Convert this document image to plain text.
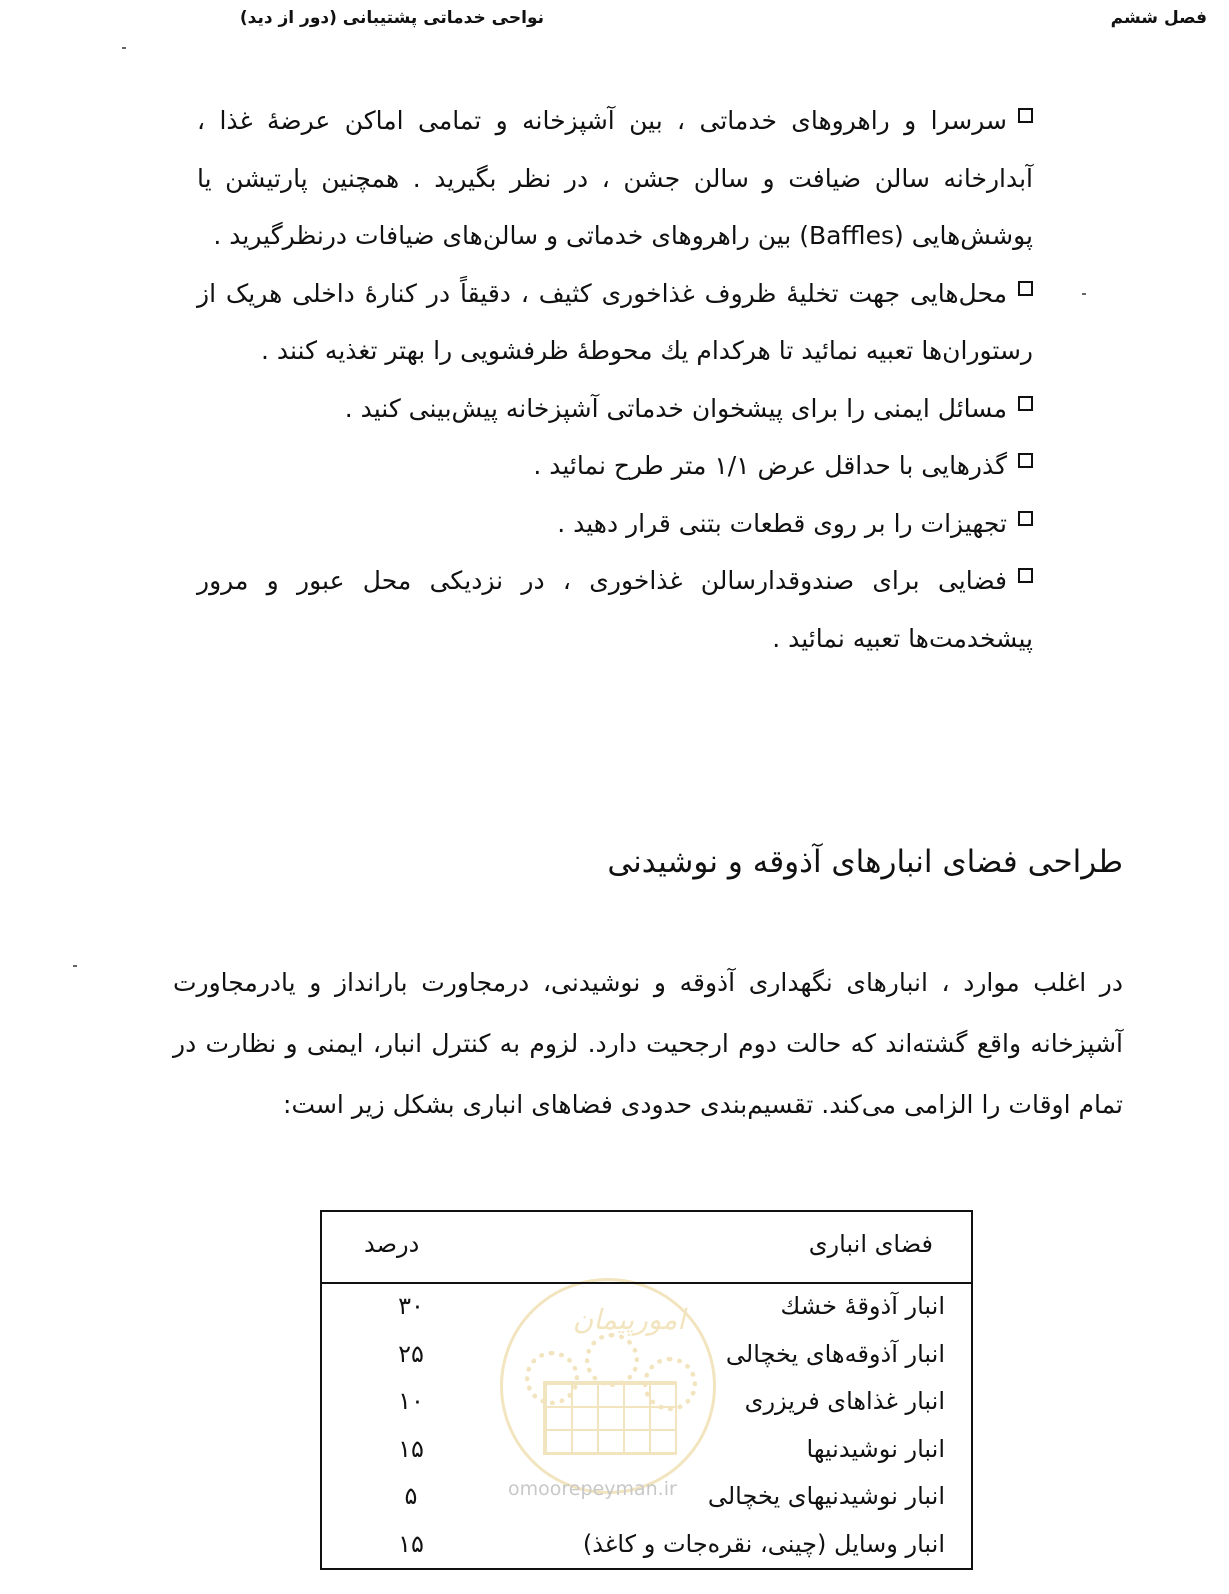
فصل ششم
نواحی خدماتی پشتیبانی (دور از دید)

سرسرا و راهروهای خدماتی ، بین آشپزخانه و تمامی اماکن عرضهٔ غذا ، آبدارخانه سالن ضیافت و سالن جشن ، در نظر بگیرید . همچنین پارتیشن یا پوشش‌هایی (Baffles) بین راهروهای خدماتی و سالن‌های ضیافات درنظرگیرید .

محل‌هایی جهت تخلیهٔ ظروف غذاخوری کثیف ، دقیقاً در کنارهٔ داخلی هریک از رستوران‌ها تعبیه نمائید تا هرکدام یك محوطهٔ ظرفشویی را بهتر تغذیه کنند .

مسائل ایمنی را برای پیشخوان خدماتی آشپزخانه پیش‌بینی کنید .

گذرهایی با حداقل عرض ۱/۱ متر طرح نمائید .

تجهیزات را بر روی قطعات بتنی قرار دهید .

فضایی برای صندوقدارسالن غذاخوری ، در نزدیکی محل عبور و مرور پیشخدمت‌ها تعبیه نمائید .

طراحی فضای انبارهای آذوقه و نوشیدنی

در اغلب موارد ، انبارهای نگهداری آذوقه و نوشیدنی، درمجاورت بارانداز و یادرمجاورت آشپزخانه واقع گشته‌اند که حالت دوم ارجحیت دارد. لزوم به کنترل انبار، ایمنی و نظارت در تمام اوقات را الزامی می‌کند. تقسیم‌بندی حدودی فضاهای انباری بشکل زیر است:

امورپیمان
فضای انباری
درصد
انبار آذوقهٔ خشك
۳۰
انبار آذوقه‌های یخچالی
۲۵
انبار غذاهای فریزری
۱۰
انبار نوشیدنیها
۱۵
انبار نوشیدنیهای یخچالی
۵
انبار وسایل (چینی، نقره‌جات و کاغذ)
۱۵
omoorepeyman.ir
